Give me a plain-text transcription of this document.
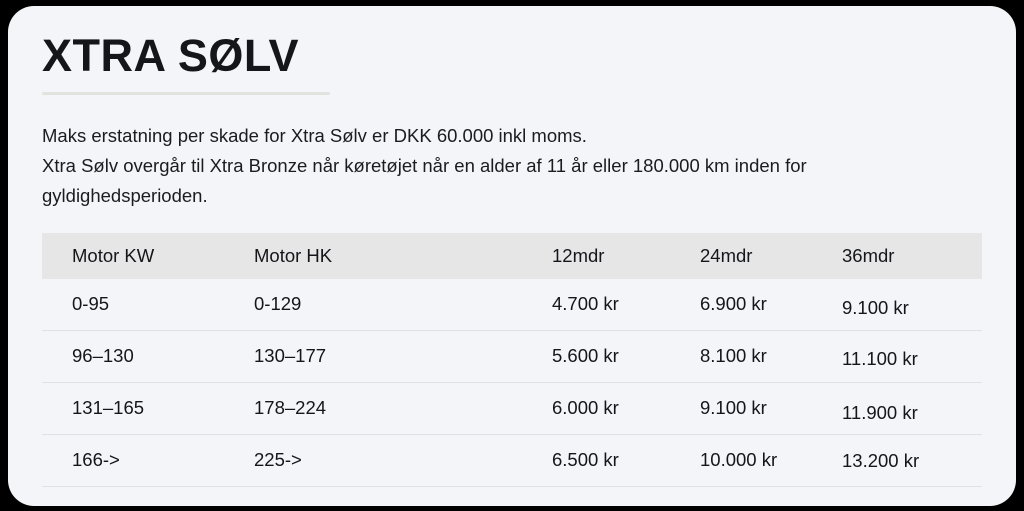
XTRA SØLV
Maks erstatning per skade for Xtra Sølv er DKK 60.000 inkl moms.
Xtra Sølv overgår til Xtra Bronze når køretøjet når en alder af 11 år eller 180.000 km inden for
gyldighedsperioden.
Motor KW	Motor HK	12mdr	24mdr	36mdr
0-95	0-129	4.700 kr	6.900 kr	9.100 kr
96–130	130–177	5.600 kr	8.100 kr	11.100 kr
131–165	178–224	6.000 kr	9.100 kr	11.900 kr
166->	225->	6.500 kr	10.000 kr	13.200 kr
